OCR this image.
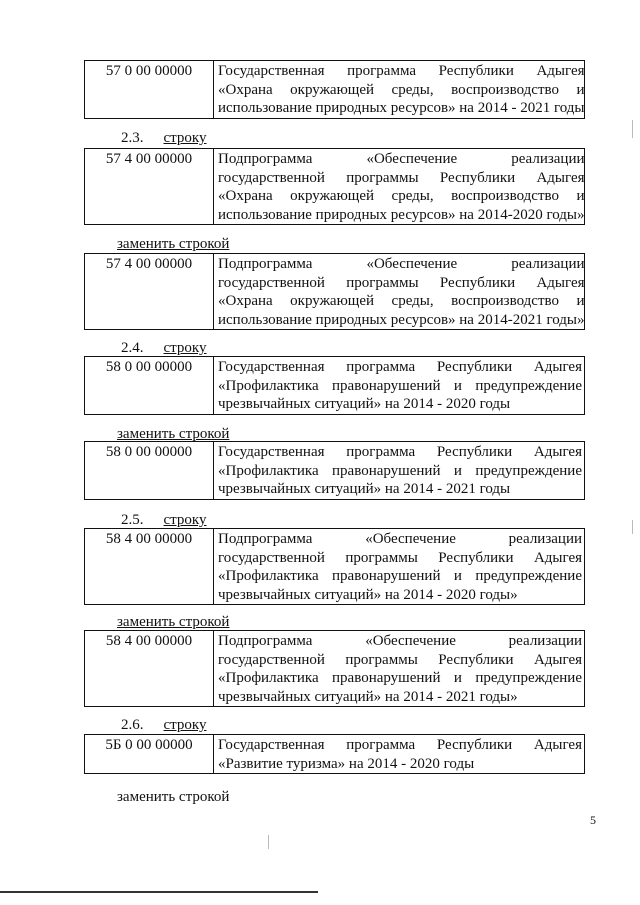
57 0 00 00000	Государственная программа Республики Адыгея
«Охрана окружающей среды, воспроизводство и
использование природных ресурсов» на 2014 - 2021 годы
2.3. строку
57 4 00 00000	Подпрограмма «Обеспечение реализации
государственной программы Республики Адыгея
«Охрана окружающей среды, воспроизводство и
использование природных ресурсов» на 2014-2020 годы»
заменить строкой
57 4 00 00000	Подпрограмма «Обеспечение реализации
государственной программы Республики Адыгея
«Охрана окружающей среды, воспроизводство и
использование природных ресурсов» на 2014-2021 годы»
2.4. строку
58 0 00 00000	Государственная программа Республики Адыгея
«Профилактика правонарушений и предупреждение
чрезвычайных ситуаций» на 2014 - 2020 годы
заменить строкой
58 0 00 00000	Государственная программа Республики Адыгея
«Профилактика правонарушений и предупреждение
чрезвычайных ситуаций» на 2014 - 2021 годы
2.5. строку
58 4 00 00000	Подпрограмма «Обеспечение реализации
государственной программы Республики Адыгея
«Профилактика правонарушений и предупреждение
чрезвычайных ситуаций» на 2014 - 2020 годы»
заменить строкой
58 4 00 00000	Подпрограмма «Обеспечение реализации
государственной программы Республики Адыгея
«Профилактика правонарушений и предупреждение
чрезвычайных ситуаций» на 2014 - 2021 годы»
2.6. строку
5Б 0 00 00000	Государственная программа Республики Адыгея
«Развитие туризма» на 2014 - 2020 годы
заменить строкой
5
